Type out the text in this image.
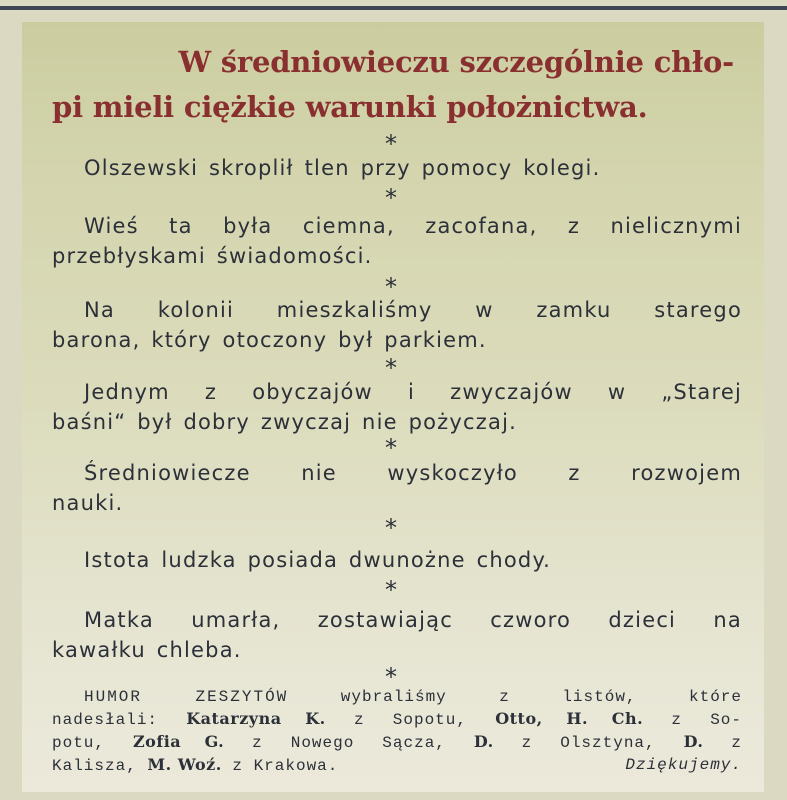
W średniowieczu szczególnie chło-
pi mieli ciężkie warunki położnictwa.
*

Olszewski skroplił tlen przy pomocy kolegi.

*

Wieś ta była ciemna, zacofana, z nielicznymi
przebłyskami świadomości.

*

Na kolonii mieszkaliśmy w zamku starego
barona, który otoczony był parkiem.

*

Jednym z obyczajów i zwyczajów w „Starej
baśni“ był dobry zwyczaj nie pożyczaj.

*

Średniowiecze nie wyskoczyło z rozwojem
nauki.

*

Istota ludzka posiada dwunożne chody.

*

Matka umarła, zostawiając czworo dzieci na
kawałku chleba.

*

HUMOR ZESZYTÓW wybraliśmy z listów, które
nadesłali: Katarzyna K. z Sopotu, Otto, H. Ch. z So-
potu, Zofia G. z Nowego Sącza, D. z Olsztyna, D. z
Kalisza, M. Woź. z Krakowa.	Dziękujemy.
